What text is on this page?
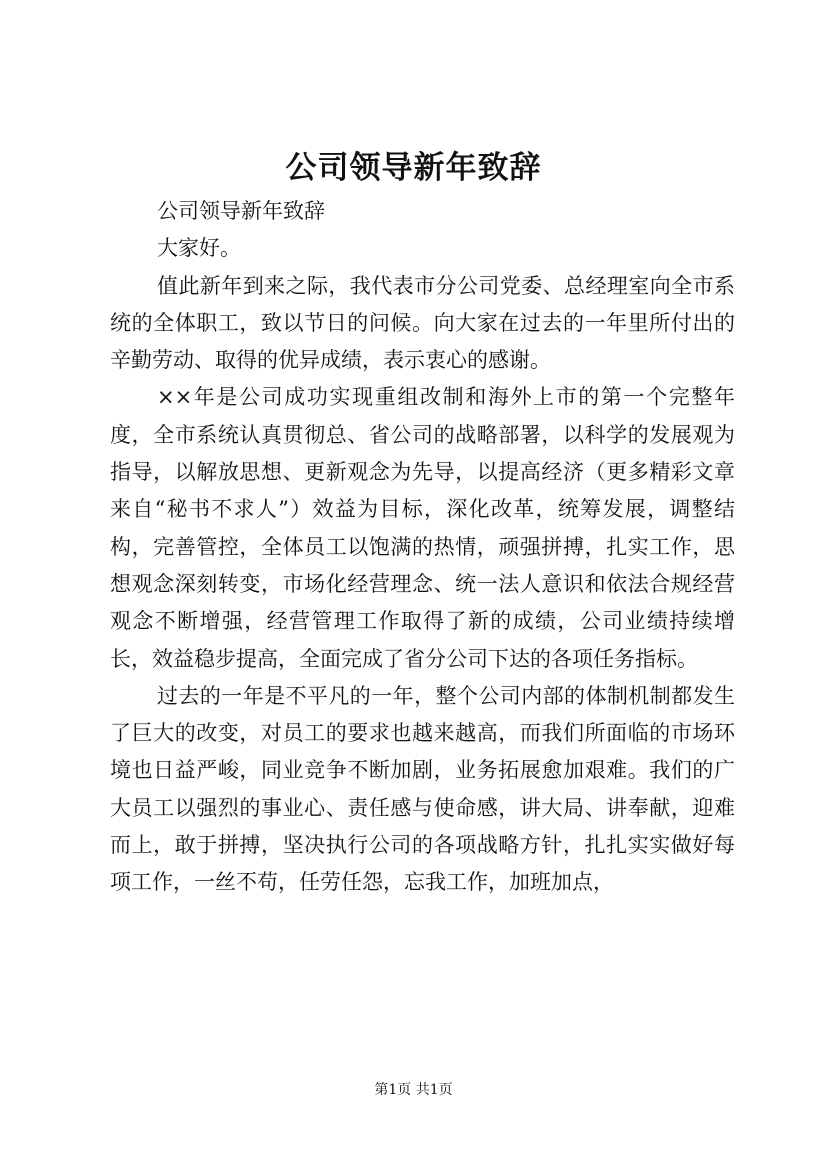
公司领导新年致辞

公司领导新年致辞

大家好。

值此新年到来之际，我代表市分公司党委、总经理室向全市系统的全体职工，致以节日的问候。向大家在过去的一年里所付出的辛勤劳动、取得的优异成绩，表示衷心的感谢。

××年是公司成功实现重组改制和海外上市的第一个完整年度，全市系统认真贯彻总、省公司的战略部署，以科学的发展观为指导，以解放思想、更新观念为先导，以提高经济（更多精彩文章来自“秘书不求人”）效益为目标，深化改革，统筹发展，调整结构，完善管控，全体员工以饱满的热情，顽强拼搏，扎实工作，思想观念深刻转变，市场化经营理念、统一法人意识和依法合规经营观念不断增强，经营管理工作取得了新的成绩，公司业绩持续增长，效益稳步提高，全面完成了省分公司下达的各项任务指标。

过去的一年是不平凡的一年，整个公司内部的体制机制都发生了巨大的改变，对员工的要求也越来越高，而我们所面临的市场环境也日益严峻，同业竞争不断加剧，业务拓展愈加艰难。我们的广大员工以强烈的事业心、责任感与使命感，讲大局、讲奉献，迎难而上，敢于拼搏，坚决执行公司的各项战略方针，扎扎实实做好每项工作，一丝不苟，任劳任怨，忘我工作，加班加点，

第1页 共1页
